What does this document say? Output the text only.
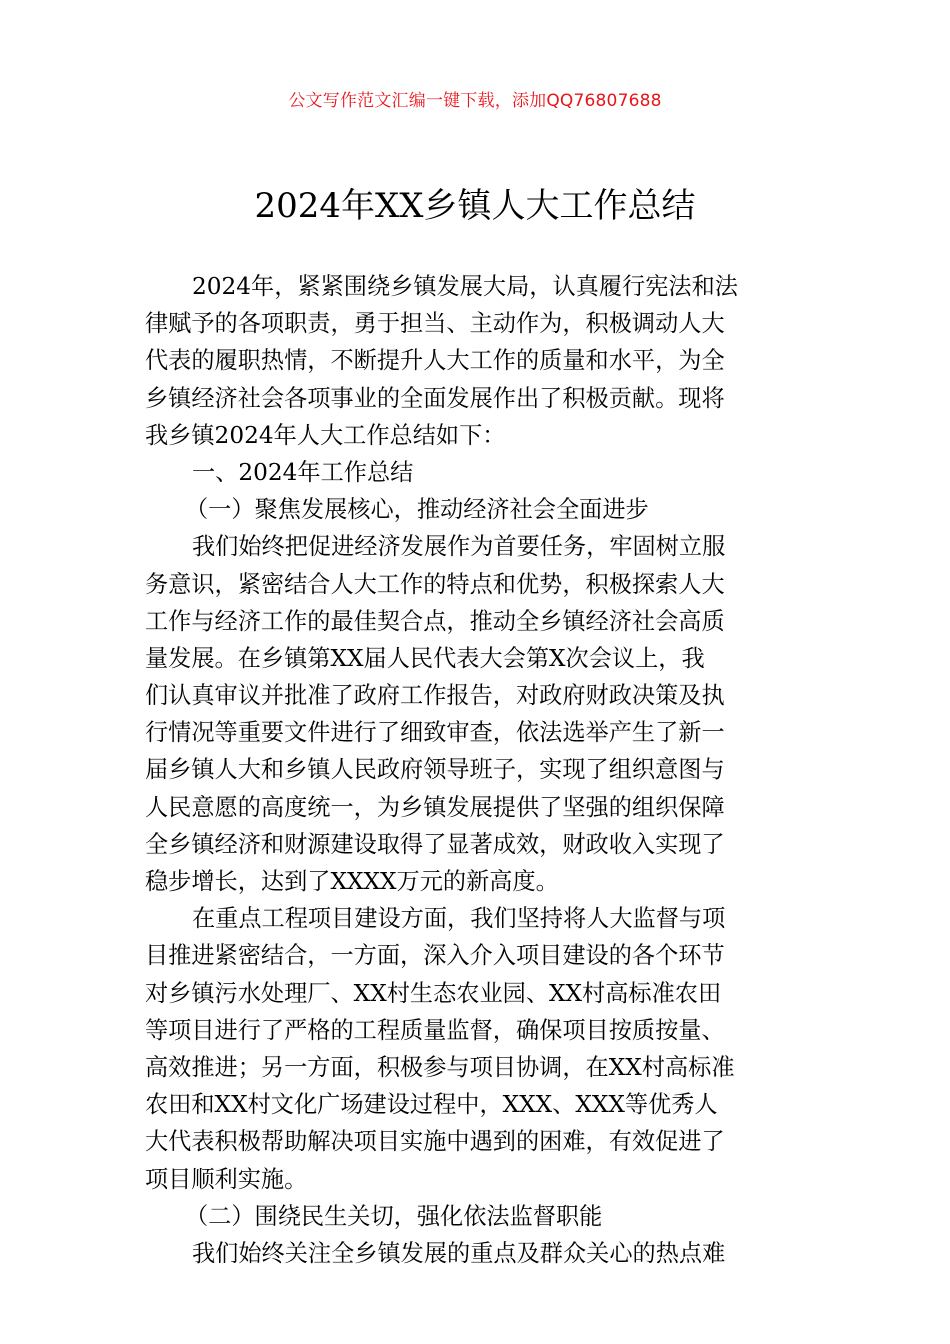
公文写作范文汇编一键下载，添加QQ76807688
2024年XX乡镇人大工作总结
2024年，紧紧围绕乡镇发展大局，认真履行宪法和法
律赋予的各项职责，勇于担当、主动作为，积极调动人大
代表的履职热情，不断提升人大工作的质量和水平，为全
乡镇经济社会各项事业的全面发展作出了积极贡献。现将
我乡镇2024年人大工作总结如下：
一、2024年工作总结
（一）聚焦发展核心，推动经济社会全面进步
我们始终把促进经济发展作为首要任务，牢固树立服
务意识，紧密结合人大工作的特点和优势，积极探索人大
工作与经济工作的最佳契合点，推动全乡镇经济社会高质
量发展。在乡镇第XX届人民代表大会第X次会议上，我
们认真审议并批准了政府工作报告，对政府财政决策及执
行情况等重要文件进行了细致审查，依法选举产生了新一
届乡镇人大和乡镇人民政府领导班子，实现了组织意图与
人民意愿的高度统一，为乡镇发展提供了坚强的组织保障
全乡镇经济和财源建设取得了显著成效，财政收入实现了
稳步增长，达到了XXXX万元的新高度。
在重点工程项目建设方面，我们坚持将人大监督与项
目推进紧密结合，一方面，深入介入项目建设的各个环节
对乡镇污水处理厂、XX村生态农业园、XX村高标准农田
等项目进行了严格的工程质量监督，确保项目按质按量、
高效推进；另一方面，积极参与项目协调，在XX村高标准
农田和XX村文化广场建设过程中，XXX、XXX等优秀人
大代表积极帮助解决项目实施中遇到的困难，有效促进了
项目顺利实施。
（二）围绕民生关切，强化依法监督职能
我们始终关注全乡镇发展的重点及群众关心的热点难
